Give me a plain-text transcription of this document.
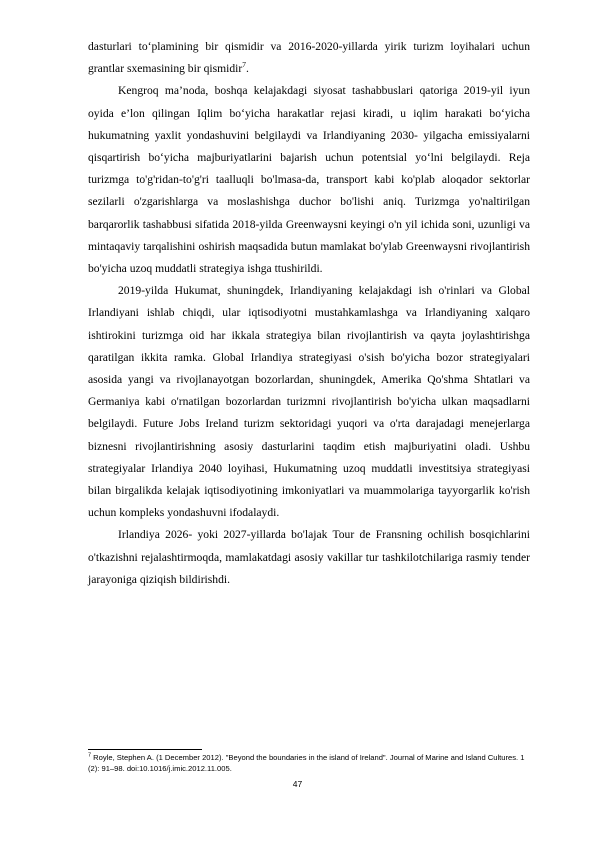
dasturlari to‘plamining bir qismidir va 2016-2020-yillarda yirik turizm loyihalari uchun grantlar sxemasining bir qismidir$^7$.

Kengroq ma’noda, boshqa kelajakdagi siyosat tashabbuslari qatoriga 2019-yil iyun oyida e’lon qilingan Iqlim bo‘yicha harakatlar rejasi kiradi, u iqlim harakati bo‘yicha hukumatning yaxlit yondashuvini belgilaydi va Irlandiyaning 2030- yilgacha emissiyalarni qisqartirish bo‘yicha majburiyatlarini bajarish uchun potentsial yo‘lni belgilaydi. Reja turizmga to'g'ridan-to'g'ri taalluqli bo'lmasa-da, transport kabi ko'plab aloqador sektorlar sezilarli o'zgarishlarga va moslashishga duchor bo'lishi aniq. Turizmga yo'naltirilgan barqarorlik tashabbusi sifatida 2018-yilda Greenwaysni keyingi o'n yil ichida soni, uzunligi va mintaqaviy tarqalishini oshirish maqsadida butun mamlakat bo'ylab Greenwaysni rivojlantirish bo'yicha uzoq muddatli strategiya ishga ttushirildi.

2019-yilda Hukumat, shuningdek, Irlandiyaning kelajakdagi ish o'rinlari va Global Irlandiyani ishlab chiqdi, ular iqtisodiyotni mustahkamlashga va Irlandiyaning xalqaro ishtirokini turizmga oid har ikkala strategiya bilan rivojlantirish va qayta joylashtirishga qaratilgan ikkita ramka. Global Irlandiya strategiyasi o'sish bo'yicha bozor strategiyalari asosida yangi va rivojlanayotgan bozorlardan, shuningdek, Amerika Qo'shma Shtatlari va Germaniya kabi o'rnatilgan bozorlardan turizmni rivojlantirish bo'yicha ulkan maqsadlarni belgilaydi. Future Jobs Ireland turizm sektoridagi yuqori va o'rta darajadagi menejerlarga biznesni rivojlantirishning asosiy dasturlarini taqdim etish majburiyatini oladi. Ushbu strategiyalar Irlandiya 2040 loyihasi, Hukumatning uzoq muddatli investitsiya strategiyasi bilan birgalikda kelajak iqtisodiyotining imkoniyatlari va muammolariga tayyorgarlik ko'rish uchun kompleks yondashuvni ifodalaydi.

Irlandiya 2026- yoki 2027-yillarda bo'lajak Tour de Fransning ochilish bosqichlarini o'tkazishni rejalashtirmoqda, mamlakatdagi asosiy vakillar tur tashkilotchilariga rasmiy tender jarayoniga qiziqish bildirishdi.

$^7$ Royle, Stephen A. (1 December 2012). "Beyond the boundaries in the island of Ireland". Journal of Marine and Island Cultures. 1 (2): 91–98. doi:10.1016/j.imic.2012.11.005.

47
